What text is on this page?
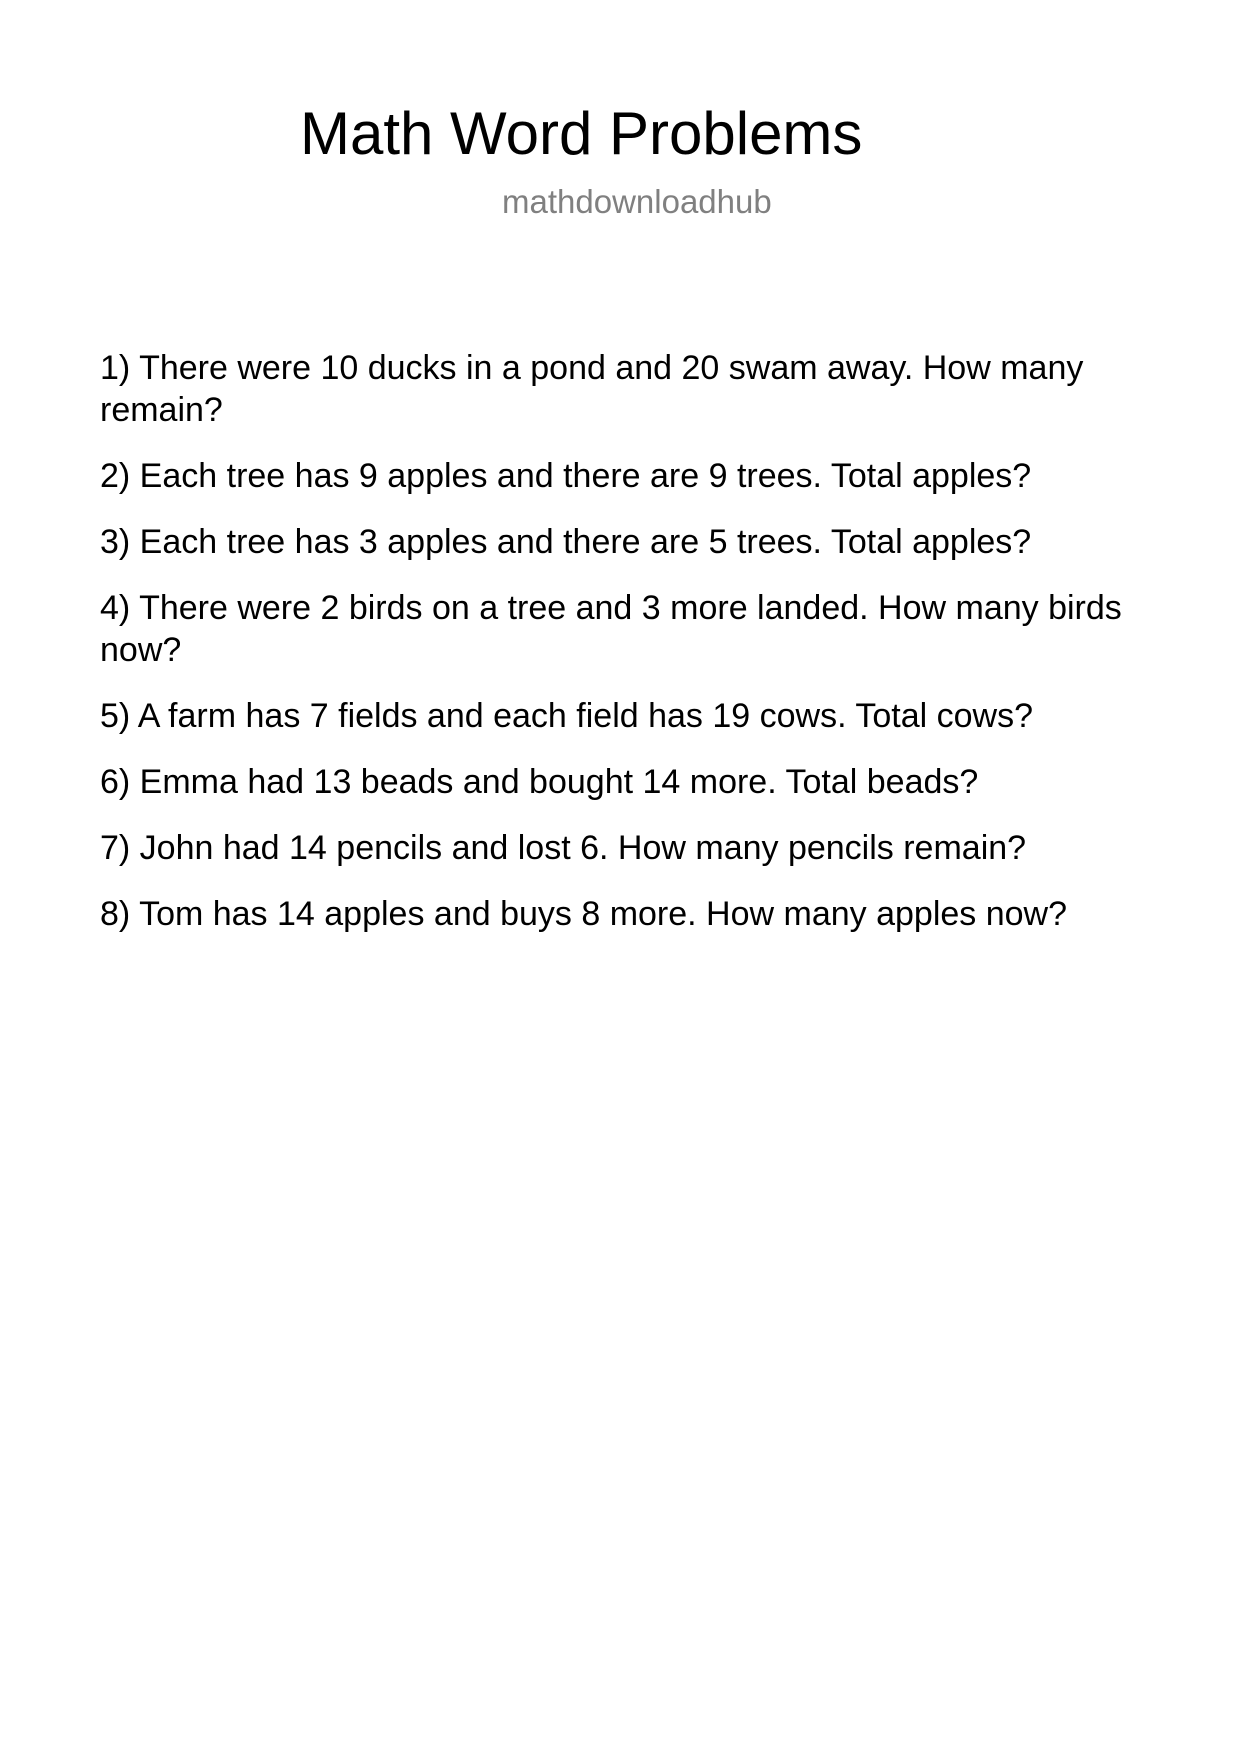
Math Word Problems
mathdownloadhub
1) There were 10 ducks in a pond and 20 swam away. How many remain?
2) Each tree has 9 apples and there are 9 trees. Total apples?
3) Each tree has 3 apples and there are 5 trees. Total apples?
4) There were 2 birds on a tree and 3 more landed. How many birds now?
5) A farm has 7 fields and each field has 19 cows. Total cows?
6) Emma had 13 beads and bought 14 more. Total beads?
7) John had 14 pencils and lost 6. How many pencils remain?
8) Tom has 14 apples and buys 8 more. How many apples now?
